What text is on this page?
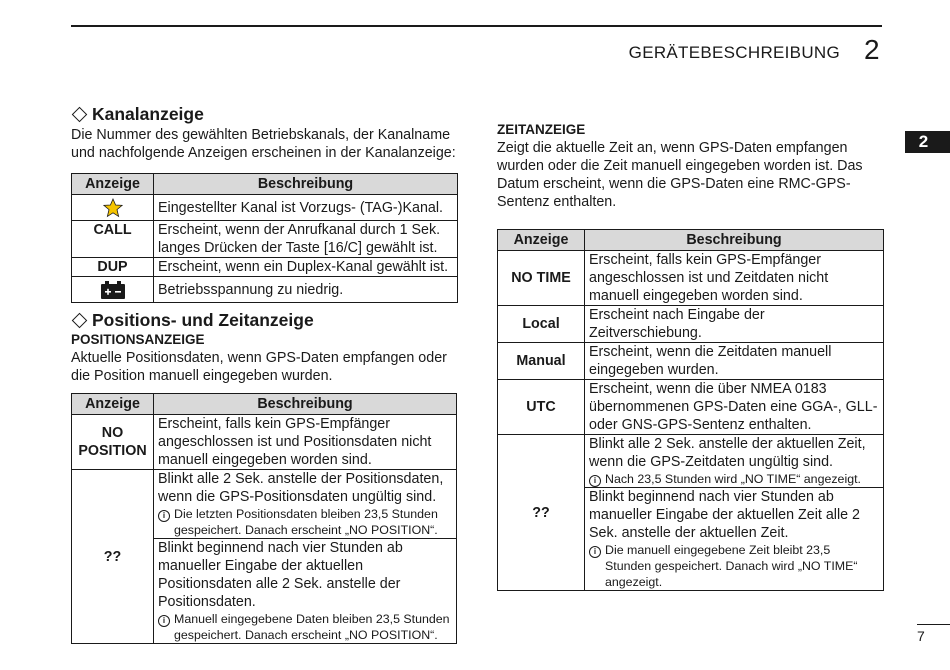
GERÄTEBESCHREIBUNG 2
2
Kanalanzeige

Die Nummer des gewählten Betriebskanals, der Kanalname und nachfolgende Anzeigen erscheinen in der Kanalanzeige:

Anzeige	Beschreibung
	Eingestellter Kanal ist Vorzugs- (TAG-)Kanal.
CALL	Erscheint, wenn der Anrufkanal durch 1 Sek. langes Drücken der Taste [16/C] gewählt ist.
DUP	Erscheint, wenn ein Duplex-Kanal gewählt ist.
	Betriebsspannung zu niedrig.
Positions- und Zeitanzeige
POSITIONSANZEIGE

Aktuelle Positionsdaten, wenn GPS-Daten empfangen oder die Position manuell eingegeben wurden.

Anzeige	Beschreibung
NO
POSITION	Erscheint, falls kein GPS-Empfänger angeschlossen ist und Positionsdaten nicht manuell eingegeben worden sind.
??	Blinkt alle 2 Sek. anstelle der Positionsdaten, wenn die GPS-Positionsdaten ungültig sind.
i Die letzten Positionsdaten bleiben 23,5 Stunden gespeichert. Danach erscheint „NO POSITION“.

	Blinkt beginnend nach vier Stunden ab manueller Eingabe der aktuellen Positionsdaten alle 2 Sek. anstelle der Positionsdaten.
i Manuell eingegebene Daten bleiben 23,5 Stunden gespeichert. Danach erscheint „NO POSITION“.
ZEITANZEIGE

Zeigt die aktuelle Zeit an, wenn GPS-Daten empfangen wurden oder die Zeit manuell eingegeben worden ist. Das Datum erscheint, wenn die GPS-Daten eine RMC-GPS-Sentenz enthalten.

Anzeige	Beschreibung
NO TIME	Erscheint, falls kein GPS-Empfänger angeschlossen ist und Zeitdaten nicht manuell eingegeben worden sind.
Local	Erscheint nach Eingabe der Zeitverschiebung.
Manual	Erscheint, wenn die Zeitdaten manuell eingegeben wurden.
UTC	Erscheint, wenn die über NMEA 0183 übernommenen GPS-Daten eine GGA-, GLL- oder GNS-GPS-Sentenz enthalten.
??	Blinkt alle 2 Sek. anstelle der aktuellen Zeit, wenn die GPS-Zeitdaten ungültig sind.
i Nach 23,5 Stunden wird „NO TIME“ angezeigt.

	Blinkt beginnend nach vier Stunden ab manueller Eingabe der aktuellen Zeit alle 2 Sek. anstelle der aktuellen Zeit.
i Die manuell eingegebene Zeit bleibt 23,5 Stunden gespeichert. Danach wird „NO TIME“ angezeigt.
7
